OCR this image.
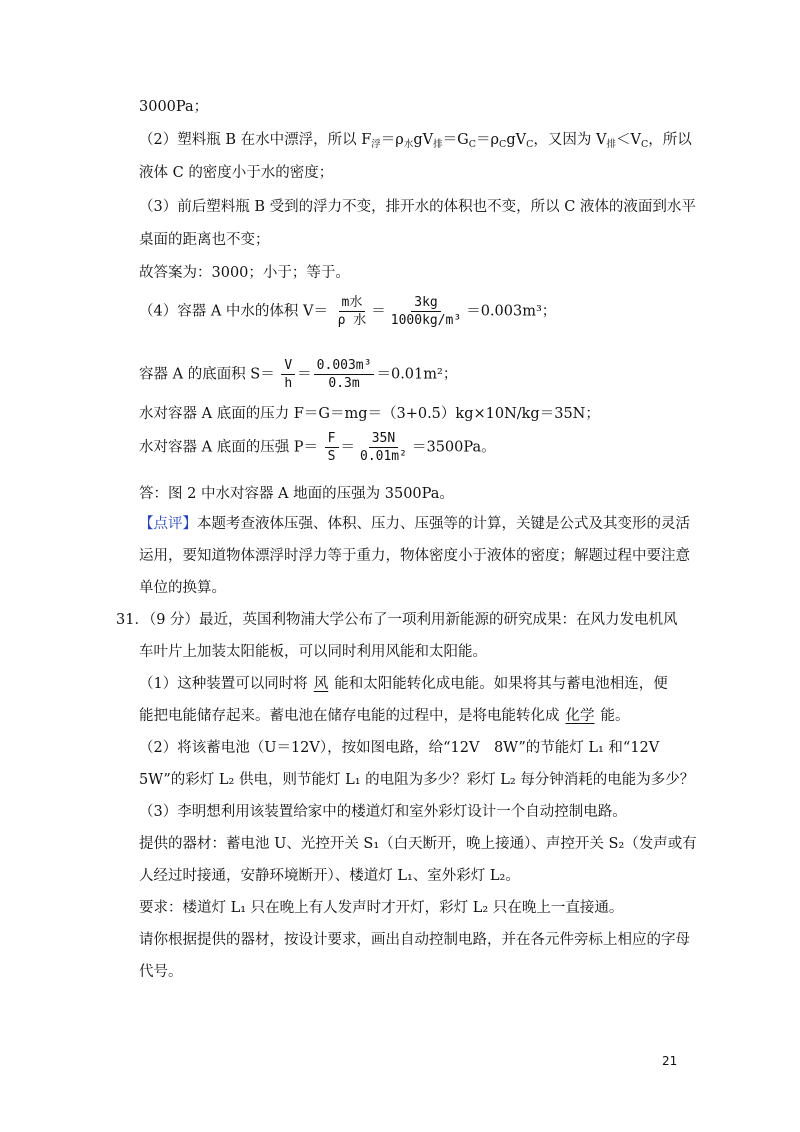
3000Pa；
（2）塑料瓶 B 在水中漂浮，所以 $F_浮=\rho_水gV_排=G_C=\rho_CgV_C$，又因为 $V_排<V_C$，所以
液体 C 的密度小于水的密度；
（3）前后塑料瓶 B 受到的浮力不变，排开水的体积也不变，所以 C 液体的液面到水平
桌面的距离也不变；
故答案为：3000；小于；等于。
（4）容器 A 中水的体积 $V= \frac{\text{m水}}{\text{ρ 水}} = \frac{3kg}{\text{1000kg/m³}} =0.003m^3$；
容器 A 的底面积 $S= \frac{V}{h} = \frac{\text{0.003m³}}{0.3m} =0.01m^2$；
水对容器 A 底面的压力 F＝G＝mg＝（3+0.5）kg×10N/kg＝35N；
水对容器 A 底面的压强 $P= \frac{F}{S} = \frac{35N}{\text{0.01m²}} =3500Pa$。
答：图 2 中水对容器 A 地面的压强为 3500Pa。
【点评】本题考查液体压强、体积、压力、压强等的计算，关键是公式及其变形的灵活
运用，要知道物体漂浮时浮力等于重力，物体密度小于液体的密度；解题过程中要注意
单位的换算。
31．（9 分）最近，英国利物浦大学公布了一项利用新能源的研究成果：在风力发电机风
车叶片上加装太阳能板，可以同时利用风能和太阳能。
（1）这种装置可以同时将 风 能和太阳能转化成电能。如果将其与蓄电池相连，便
能把电能储存起来。蓄电池在储存电能的过程中，是将电能转化成 化学 能。
（2）将该蓄电池（U＝12V），按如图电路，给“12V　8W”的节能灯 L₁ 和“12V
5W”的彩灯 L₂ 供电，则节能灯 L₁ 的电阻为多少？彩灯 L₂ 每分钟消耗的电能为多少？
（3）李明想利用该装置给家中的楼道灯和室外彩灯设计一个自动控制电路。
提供的器材：蓄电池 U、光控开关 S₁（白天断开，晚上接通）、声控开关 S₂（发声或有
人经过时接通，安静环境断开）、楼道灯 L₁、室外彩灯 L₂。
要求：楼道灯 L₁ 只在晚上有人发声时才开灯，彩灯 L₂ 只在晚上一直接通。
请你根据提供的器材，按设计要求，画出自动控制电路，并在各元件旁标上相应的字母
代号。
21
